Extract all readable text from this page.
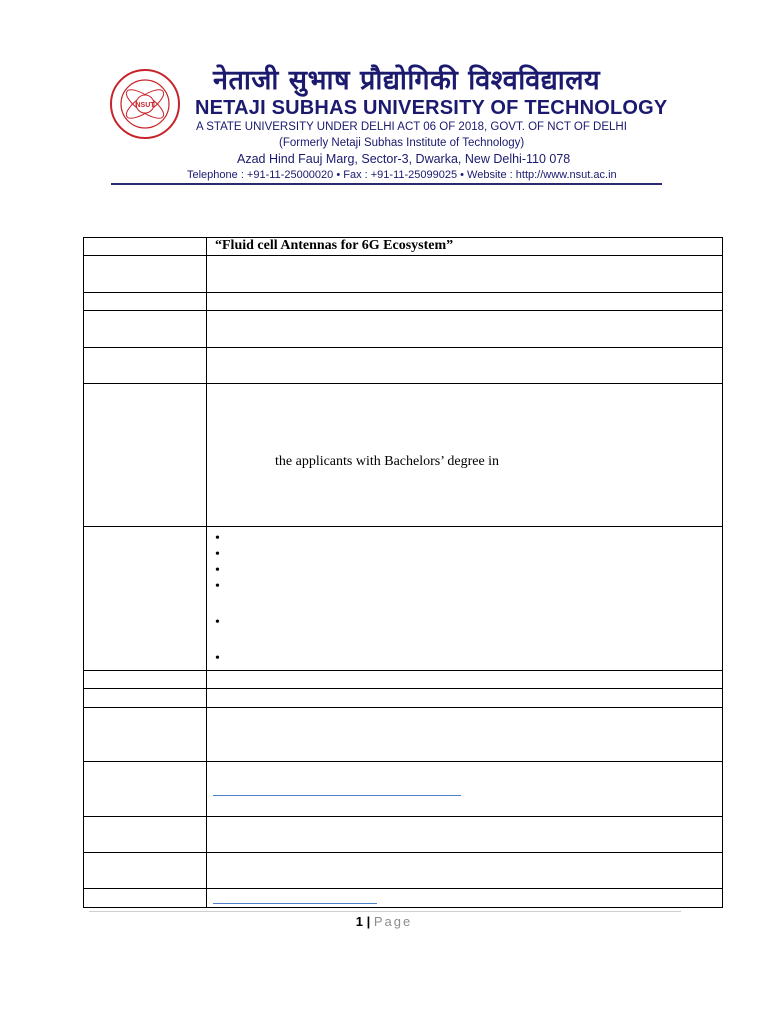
NSUT
नेताजी सुभाष प्रौद्योगिकी विश्वविद्यालय
NETAJI SUBHAS UNIVERSITY OF TECHNOLOGY
A STATE UNIVERSITY UNDER DELHI ACT 06 OF 2018, GOVT. OF NCT OF DELHI
(Formerly Netaji Subhas Institute of Technology)
Azad Hind Fauj Marg, Sector-3, Dwarka, New Delhi-110 078
Telephone : +91-11-25000020 • Fax : +91-11-25099025 • Website : http://www.nsut.ac.in
	“Fluid cell Antennas for 6G Ecosystem”

	the applicants with Bachelors’ degree in

•
•
•
•
•
•

1 | Page
